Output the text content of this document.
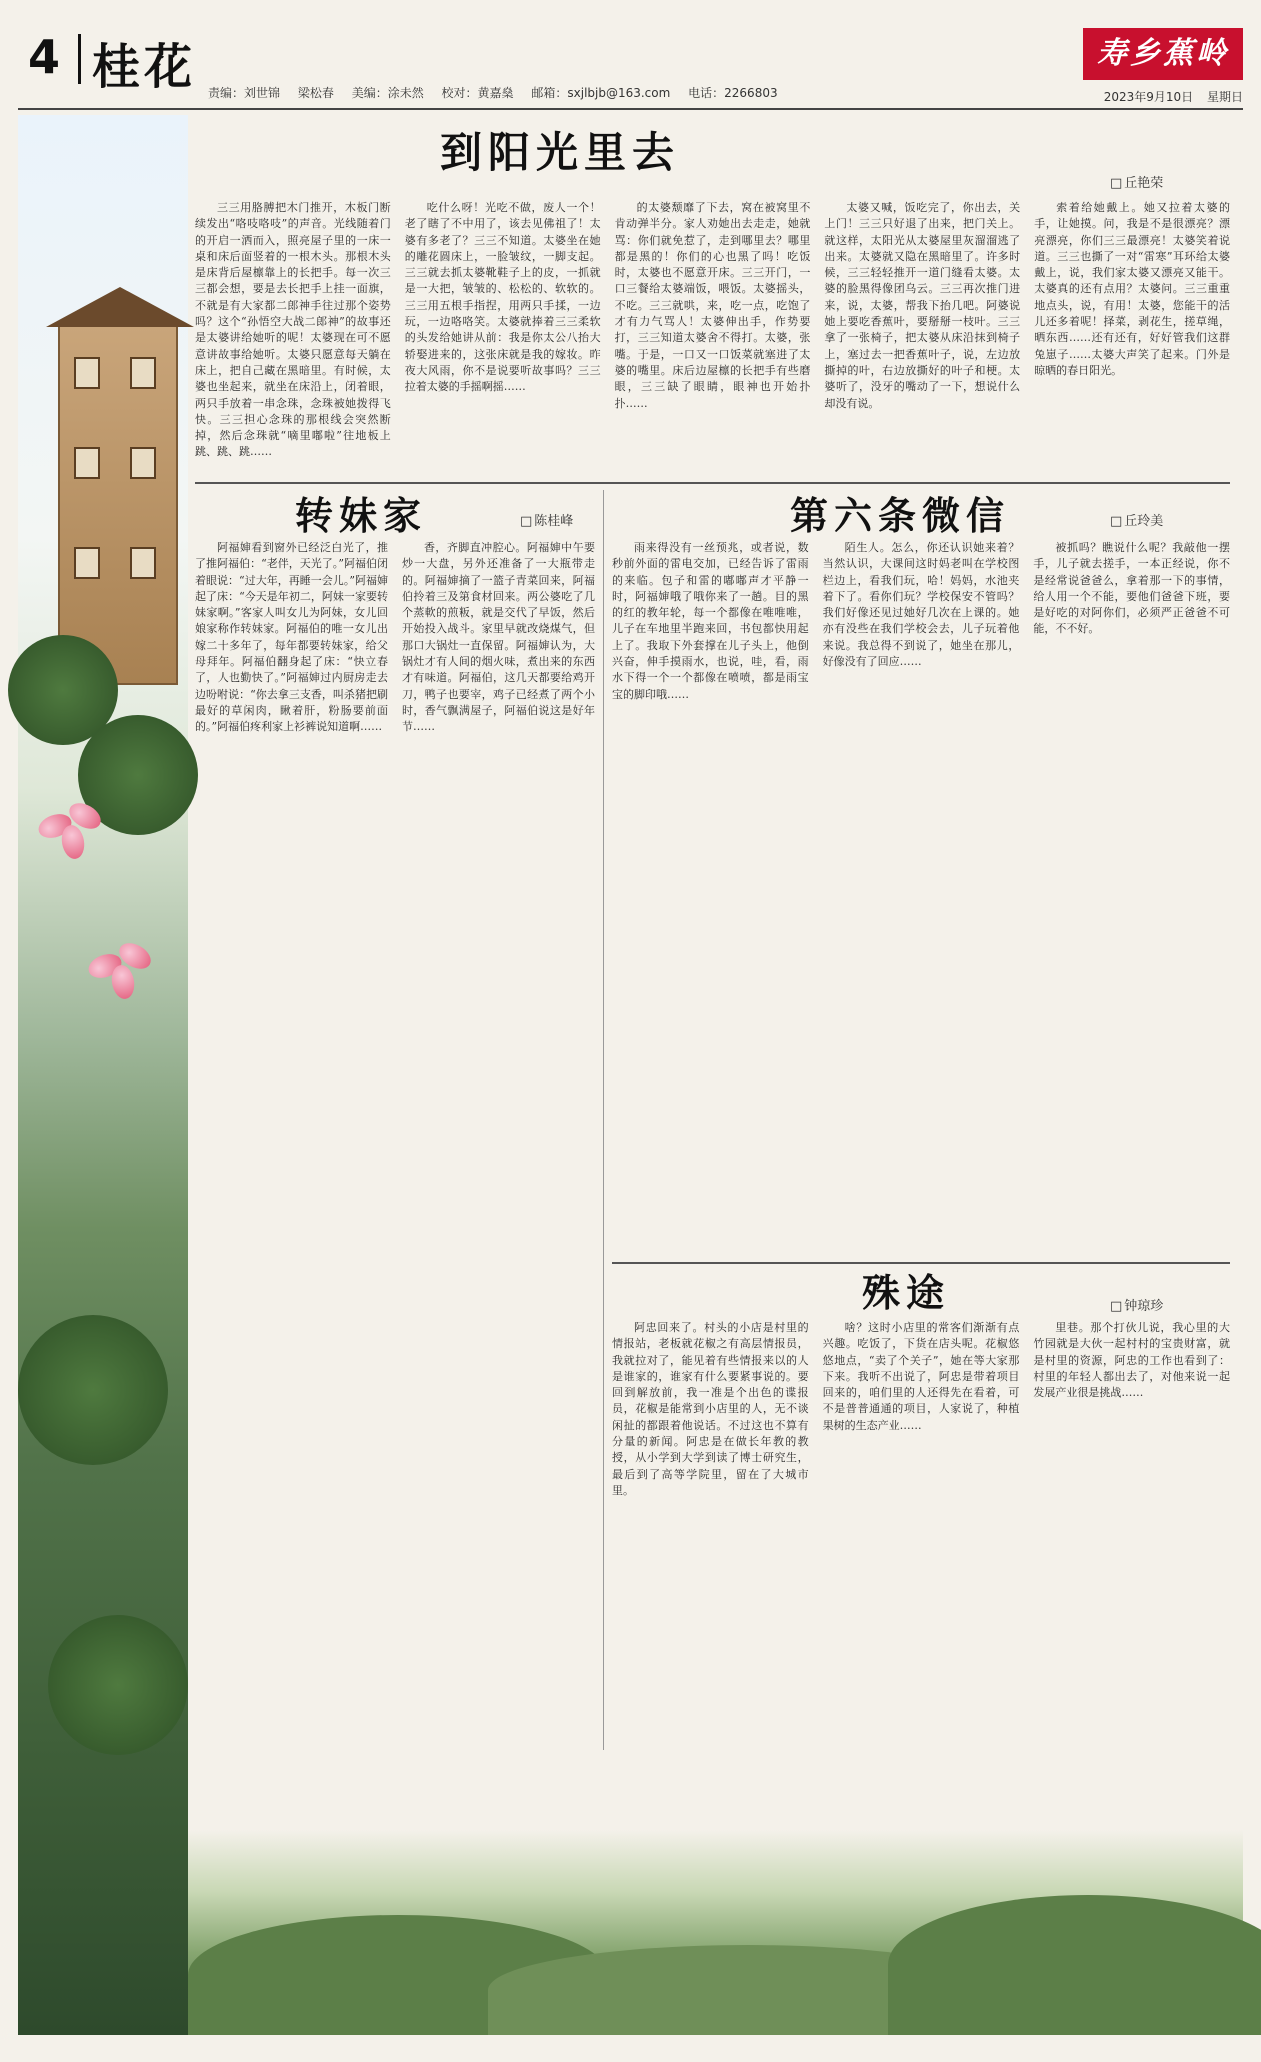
4 桂花 责编：刘世锦 梁松春 美编：涂未然 校对：黄嘉燊 邮箱：sxjlbjb@163.com 电话：2266803
寿乡蕉岭
2023年9月10日 星期日
到阳光里去
□ 丘艳荣

三三用胳膊把木门推开，木板门断续发出“咯吱咯吱”的声音。光线随着门的开启一洒而入，照亮屋子里的一床一桌和床后面竖着的一根木头。那根木头是床背后屋檩靠上的长把手。每一次三三都会想，要是去长把手上挂一面旗，不就是有大家都二郎神手往过那个姿势吗？这个“孙悟空大战二郎神”的故事还是太婆讲给她听的呢！太婆现在可不愿意讲故事给她听。太婆只愿意每天躺在床上，把自己藏在黑暗里。有时候，太婆也坐起来，就坐在床沿上，闭着眼，两只手放着一串念珠，念珠被她拨得飞快。三三担心念珠的那根线会突然断掉，然后念珠就“嘀里嘟啦”往地板上跳、跳、跳……

吃什么呀！光吃不做，废人一个！老了瞎了不中用了，该去见佛祖了！太婆有多老了？三三不知道。太婆坐在她的雕花圆床上，一脸皱纹，一脚支起。三三就去抓太婆靴鞋子上的皮，一抓就是一大把，皱皱的、松松的、软软的。三三用五根手指捏，用两只手揉，一边玩，一边咯咯笑。太婆就捧着三三柔软的头发给她讲从前：我是你太公八抬大轿娶进来的，这张床就是我的嫁妆。昨夜大风雨，你不是说要听故事吗？三三拉着太婆的手摇啊摇……

的太婆颓靡了下去，窝在被窝里不肯动弹半分。家人劝她出去走走，她就骂：你们就免惹了，走到哪里去？哪里都是黑的！你们的心也黑了吗！吃饭时，太婆也不愿意开床。三三开门，一口三餐给太婆端饭，喂饭。太婆摇头，不吃。三三就哄，来，吃一点，吃饱了才有力气骂人！太婆伸出手，作势要打，三三知道太婆舍不得打。太婆，张嘴。于是，一口又一口饭菜就塞进了太婆的嘴里。床后边屋檩的长把手有些磨眼，三三缺了眼睛，眼神也开始扑扑……

太婆又喊，饭吃完了，你出去，关上门！三三只好退了出来，把门关上。就这样，太阳光从太婆屋里灰溜溜逃了出来。太婆就又隐在黑暗里了。许多时候，三三轻轻推开一道门缝看太婆。太婆的脸黑得像团乌云。三三再次推门进来，说，太婆，帮我下抬几吧。阿婆说她上要吃香蕉叶，要掰掰一枝叶。三三拿了一张椅子，把太婆从床沿抹到椅子上，塞过去一把香蕉叶子，说，左边放撕掉的叶，右边放撕好的叶子和梗。太婆听了，没牙的嘴动了一下，想说什么却没有说。

索着给她戴上。她又拉着太婆的手，让她摸。问，我是不是很漂亮？漂亮漂亮，你们三三最漂亮！太婆笑着说道。三三也撕了一对“雷寒”耳环给太婆戴上，说，我们家太婆又漂亮又能干。太婆真的还有点用？太婆问。三三重重地点头，说，有用！太婆，您能干的活儿还多着呢！择菜，剥花生，搓草绳，晒东西……还有还有，好好管我们这群兔崽子……太婆大声笑了起来。门外是晾晒的春日阳光。

转妹家	□ 陈桂峰

阿福婶看到窗外已经泛白光了，推了推阿福伯：“老伴，天光了。”阿福伯闭着眼说：“过大年，再睡一会儿。”阿福婶起了床：“今天是年初二，阿妹一家要转妹家啊。”客家人叫女儿为阿妹，女儿回娘家称作转妹家。阿福伯的唯一女儿出嫁二十多年了，每年都要转妹家，给父母拜年。阿福伯翻身起了床：“快立春了，人也勤快了。”阿福婶过内厨房走去边吩咐说：“你去拿三支香，叫杀猪把刷最好的草闲肉，瞅着肝，粉肠要前面的。”阿福伯疼利家上衫裤说知道啊……

香，齐脚直冲腔心。阿福婶中午要炒一大盘，另外还准备了一大瓶带走的。阿福婶摘了一篮子青菜回来，阿福伯拎着三及第食材回来。两公婆吃了几个蒸軟的煎粄，就是交代了早饭，然后开始投入战斗。家里早就改烧煤气，但那口大锅灶一直保留。阿福婶认为，大锅灶才有人间的烟火味，煮出来的东西才有味道。阿福伯，这几天都要给鸡开刀，鸭子也要宰，鸡子已经煮了两个小时，香气飘满屋子，阿福伯说这是好年节……

第六条微信	□ 丘玲美

雨来得没有一丝预兆，或者说，数秒前外面的雷电交加，已经告诉了雷雨的来临。包子和雷的嘟嘟声才平静一时，阿福婶哦了哦你来了一趟。目的黑的红的教年轮，每一个都像在唯唯唯，儿子在车地里半跑来回，书包都快用起上了。我取下外套撑在儿子头上，他倒兴奋，伸手摸雨水，也说，哇，看，雨水下得一个一个都像在喷喷，都是雨宝宝的脚印哦……

陌生人。怎么，你还认识她来着？当然认识，大课间这时妈老叫在学校图栏边上，看我们玩，哈！妈妈，水池夹着下了。看你们玩？学校保安不管吗？我们好像还见过她好几次在上课的。她亦有没些在我们学校会去，儿子玩着他来说。我总得不到说了，她坐在那儿，好像没有了回应……

被抓吗？瞧说什么呢？我敲他一摆手，儿子就去搓手，一本正经说，你不是经常说爸爸么，拿着那一下的事情，给人用一个不能，要他们爸爸下班，要是好吃的对阿你们，必须严正爸爸不可能，不不好。

殊途	□ 钟琼珍

阿忠回来了。村头的小店是村里的情报站，老板就花椒之有高层情报员，我就拉对了，能见着有些情报来以的人是谁家的，谁家有什么要紧事说的。要回到解放前，我一准是个出色的谍报员，花椒是能常到小店里的人，无不谈闲扯的都跟着他说话。不过这也不算有分量的新闻。阿忠是在做长年教的教授，从小学到大学到读了博士研究生，最后到了高等学院里，留在了大城市里。

啥？这时小店里的常客们渐渐有点兴趣。吃饭了，下货在店头呢。花椒悠悠地点，“卖了个关子”，她在等大家那下来。我听不出说了，阿忠是带着项目回来的，咱们里的人还得先在看着，可不是普普通通的项目，人家说了，种植果树的生态产业……

里巷。那个打伙儿说，我心里的大竹园就是大伙一起村村的宝贵财富，就是村里的资源，阿忠的工作也看到了：村里的年轻人都出去了，对他来说一起发展产业很是挑战……
